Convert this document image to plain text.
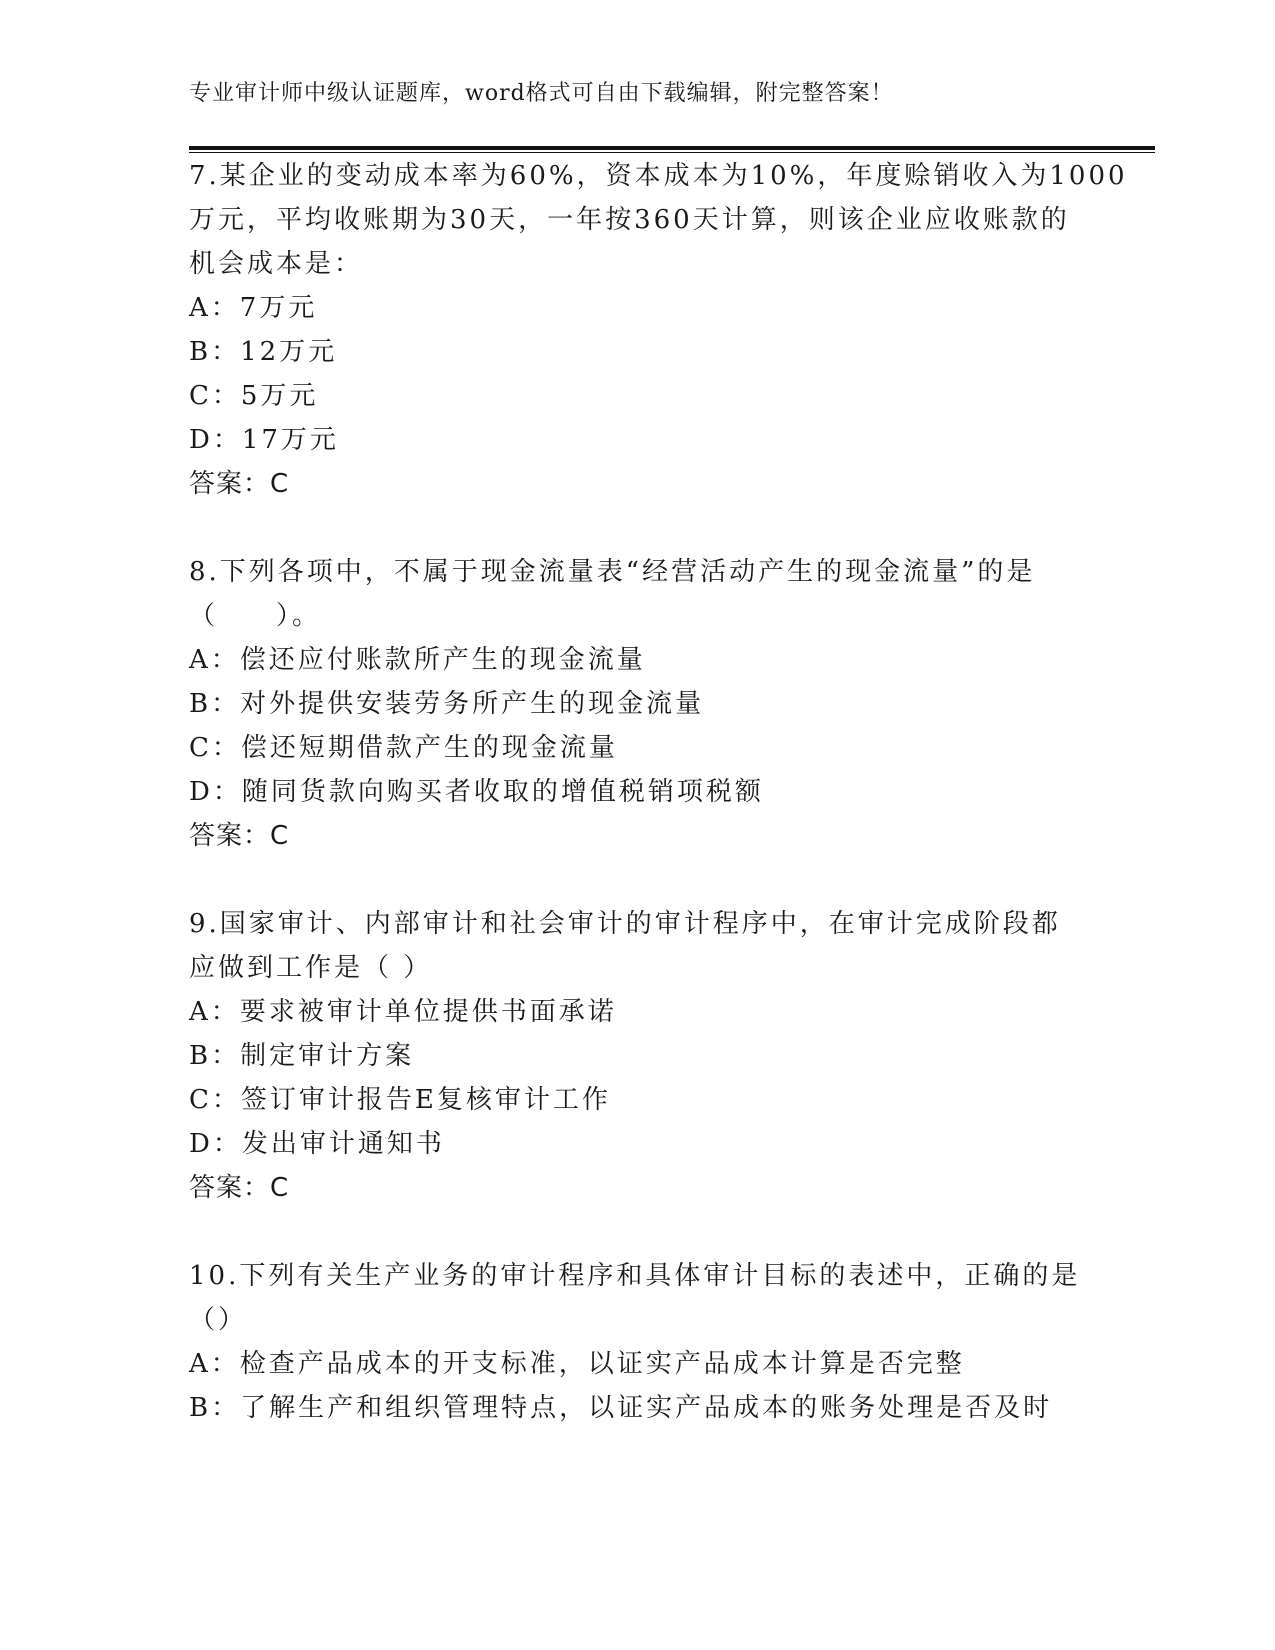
专业审计师中级认证题库，word格式可自由下载编辑，附完整答案！
7.某企业的变动成本率为60%，资本成本为10%，年度赊销收入为1000
万元，平均收账期为30天，一年按360天计算，则该企业应收账款的
机会成本是：
A：7万元
B：12万元
C：5万元
D：17万元
答案：C
8.下列各项中，不属于现金流量表“经营活动产生的现金流量”的是
（　　）。
A：偿还应付账款所产生的现金流量
B：对外提供安装劳务所产生的现金流量
C：偿还短期借款产生的现金流量
D：随同货款向购买者收取的增值税销项税额
答案：C
9.国家审计、内部审计和社会审计的审计程序中，在审计完成阶段都
应做到工作是（ ）
A：要求被审计单位提供书面承诺
B：制定审计方案
C：签订审计报告E复核审计工作
D：发出审计通知书
答案：C
10.下列有关生产业务的审计程序和具体审计目标的表述中，正确的是
（）
A：检查产品成本的开支标准，以证实产品成本计算是否完整
B：了解生产和组织管理特点，以证实产品成本的账务处理是否及时
